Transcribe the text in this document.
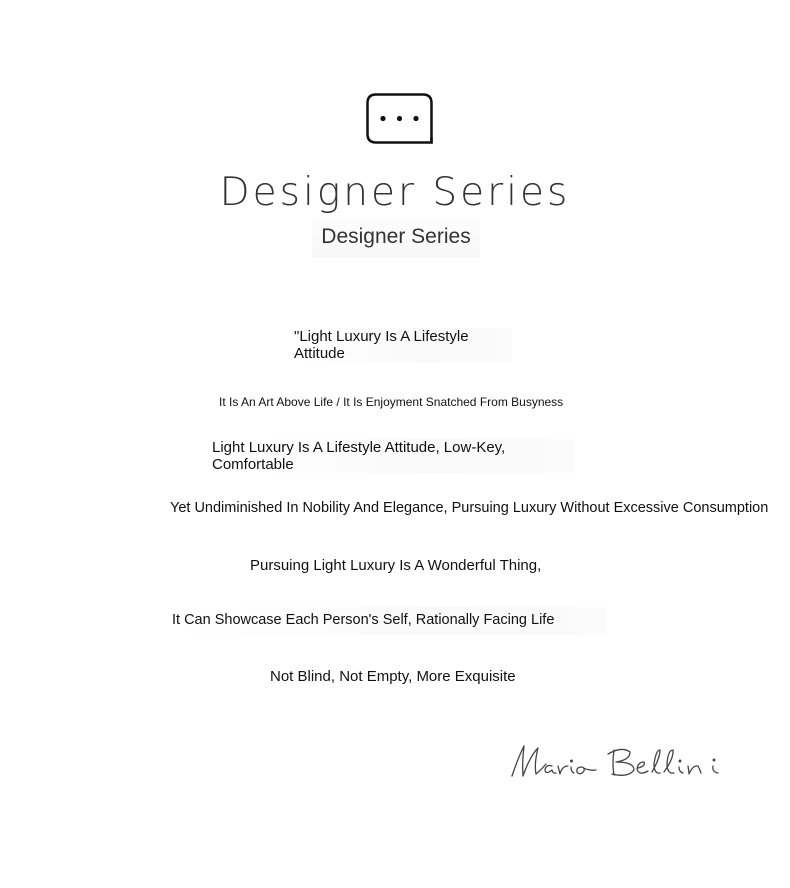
Designer Series
Designer Series
"Light Luxury Is A Lifestyle Attitude
It Is An Art Above Life / It Is Enjoyment Snatched From Busyness
Light Luxury Is A Lifestyle Attitude, Low-Key, Comfortable
Yet Undiminished In Nobility And Elegance, Pursuing Luxury Without Excessive Consumption
Pursuing Light Luxury Is A Wonderful Thing,
It Can Showcase Each Person's Self, Rationally Facing Life
Not Blind, Not Empty, More Exquisite
